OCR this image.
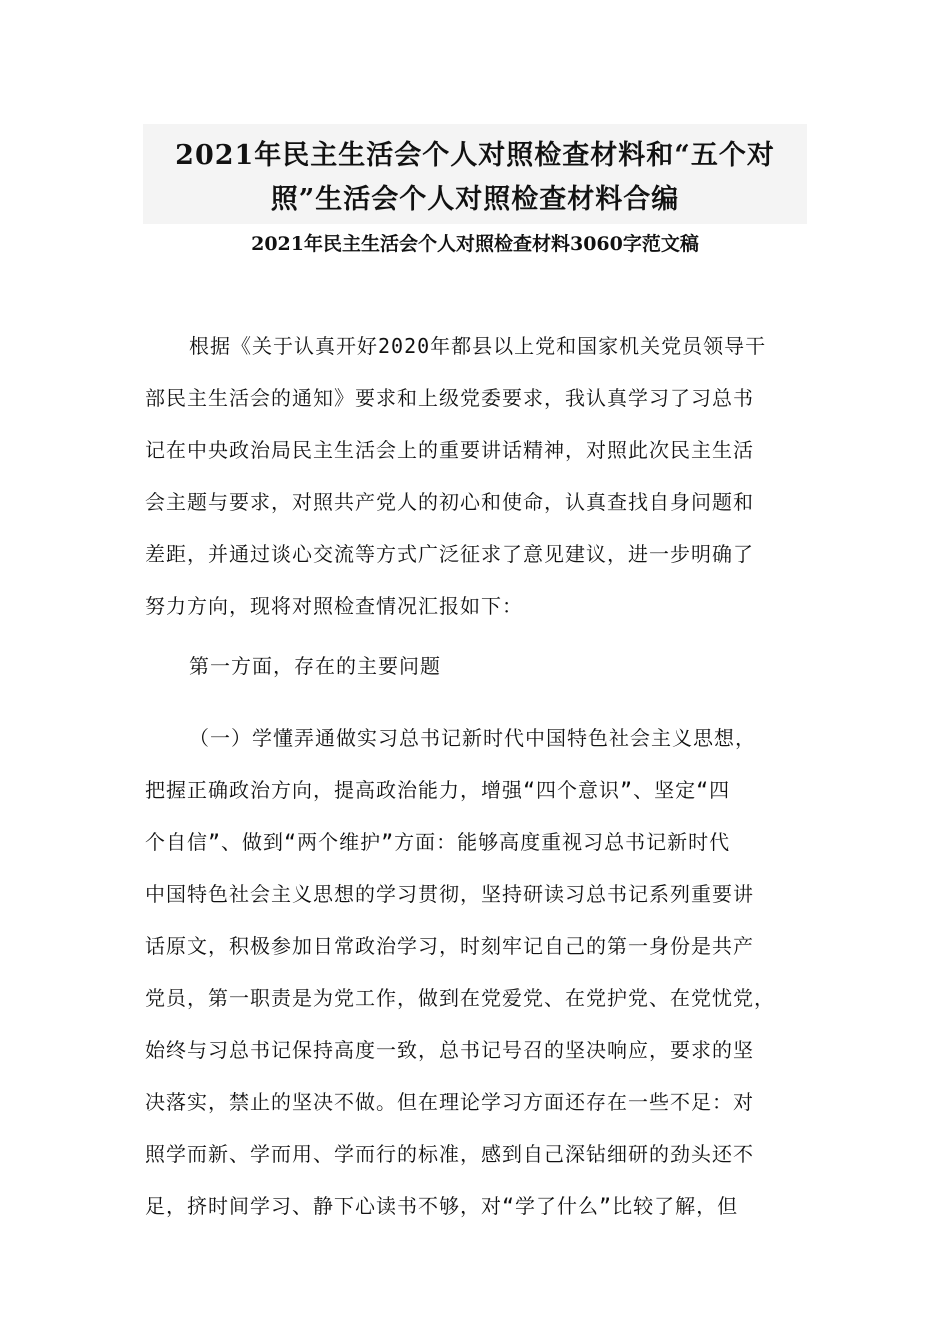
2021年民主生活会个人对照检查材料和“五个对
照”生活会个人对照检查材料合编
2021年民主生活会个人对照检查材料3060字范文稿
根据《关于认真开好2020年都县以上党和国家机关党员领导干
部民主生活会的通知》要求和上级党委要求，我认真学习了习总书
记在中央政治局民主生活会上的重要讲话精神，对照此次民主生活
会主题与要求，对照共产党人的初心和使命，认真查找自身问题和
差距，并通过谈心交流等方式广泛征求了意见建议，进一步明确了
努力方向，现将对照检查情况汇报如下：
第一方面，存在的主要问题
（一）学懂弄通做实习总书记新时代中国特色社会主义思想，
把握正确政治方向，提高政治能力，增强“四个意识”、坚定“四
个自信”、做到“两个维护”方面：能够高度重视习总书记新时代
中国特色社会主义思想的学习贯彻，坚持研读习总书记系列重要讲
话原文，积极参加日常政治学习，时刻牢记自己的第一身份是共产
党员，第一职责是为党工作，做到在党爱党、在党护党、在党忧党，
始终与习总书记保持高度一致，总书记号召的坚决响应，要求的坚
决落实，禁止的坚决不做。但在理论学习方面还存在一些不足：对
照学而新、学而用、学而行的标准，感到自己深钻细研的劲头还不
足，挤时间学习、静下心读书不够，对“学了什么”比较了解，但
